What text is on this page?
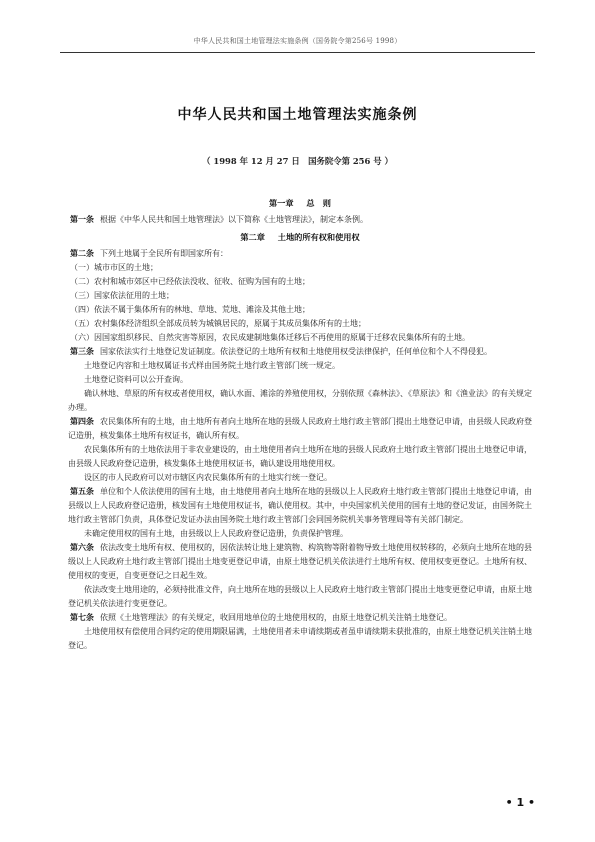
中华人民共和国土地管理法实施条例（国务院令第256号 1998）
中华人民共和国土地管理法实施条例
（ 1998 年 12 月 27 日　国务院令第 256 号 ）

第一章 总　则

第一条 根据《中华人民共和国土地管理法》以下简称《土地管理法》，制定本条例。

第二章 土地的所有权和使用权

第二条 下列土地属于全民所有即国家所有：

（一）城市市区的土地；

（二）农村和城市郊区中已经依法没收、征收、征购为国有的土地；

（三）国家依法征用的土地；

（四）依法不属于集体所有的林地、草地、荒地、滩涂及其他土地；

（五）农村集体经济组织全部成员转为城镇居民的，原属于其成员集体所有的土地；

（六）因国家组织移民、自然灾害等原因，农民成建制地集体迁移后不再使用的原属于迁移农民集体所有的土地。

第三条 国家依法实行土地登记发证制度。依法登记的土地所有权和土地使用权受法律保护，任何单位和个人不得侵犯。

土地登记内容和土地权属证书式样由国务院土地行政主管部门统一规定。

土地登记资料可以公开查询。

确认林地、草原的所有权或者使用权，确认水面、滩涂的养殖使用权，分别依照《森林法》、《草原法》和《渔业法》的有关规定办理。

第四条 农民集体所有的土地，由土地所有者向土地所在地的县级人民政府土地行政主管部门提出土地登记申请，由县级人民政府登记造册，核发集体土地所有权证书，确认所有权。

农民集体所有的土地依法用于非农业建设的，由土地使用者向土地所在地的县级人民政府土地行政主管部门提出土地登记申请，由县级人民政府登记造册，核发集体土地使用权证书，确认建设用地使用权。

设区的市人民政府可以对市辖区内农民集体所有的土地实行统一登记。

第五条 单位和个人依法使用的国有土地，由土地使用者向土地所在地的县级以上人民政府土地行政主管部门提出土地登记申请，由县级以上人民政府登记造册，核发国有土地使用权证书，确认使用权。其中，中央国家机关使用的国有土地的登记发证，由国务院土地行政主管部门负责，具体登记发证办法由国务院土地行政主管部门会同国务院机关事务管理局等有关部门制定。

未确定使用权的国有土地，由县级以上人民政府登记造册，负责保护管理。

第六条 依法改变土地所有权、使用权的，因依法转让地上建筑物、构筑物等附着物导致土地使用权转移的，必须向土地所在地的县级以上人民政府土地行政主管部门提出土地变更登记申请，由原土地登记机关依法进行土地所有权、使用权变更登记。土地所有权、使用权的变更，自变更登记之日起生效。

依法改变土地用途的，必须持批准文件，向土地所在地的县级以上人民政府土地行政主管部门提出土地变更登记申请，由原土地登记机关依法进行变更登记。

第七条 依照《土地管理法》的有关规定，收回用地单位的土地使用权的，由原土地登记机关注销土地登记。

土地使用权有偿使用合同约定的使用期限届满，土地使用者未申请续期或者虽申请续期未获批准的，由原土地登记机关注销土地登记。

• 1 •
